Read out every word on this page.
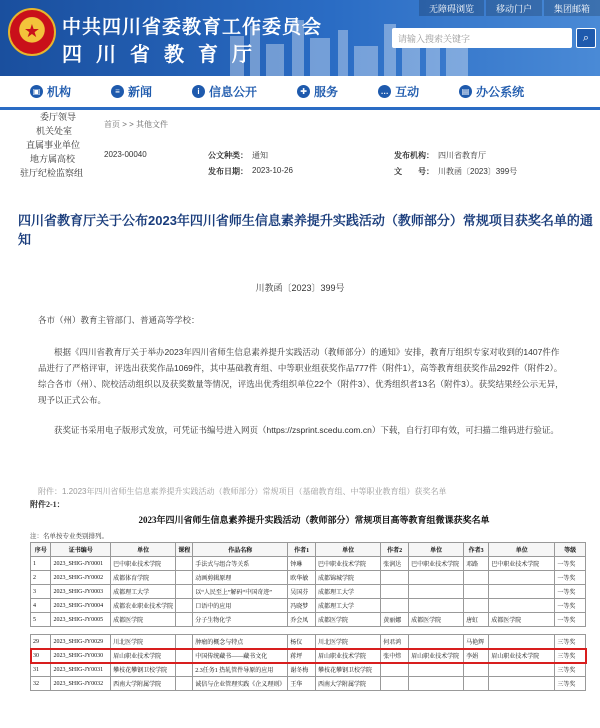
★ 中共四川省委教育工作委员会
四川省教育厅
无障碍浏览	移动门户	集团邮箱
请输入搜索关键字	⌕
▣ 机构	≡ 新闻	i 信息公开	✚ 服务	… 互动	▤ 办公系统
委厅领导
机关处室
直属事业单位
地方属高校
驻厅纪检监察组
首页 > > 其他文件
2023-00040	公文种类： 通知	发布机构： 四川省教育厅
发布日期： 2023-10-26	文　　号： 川教函〔2023〕399号
四川省教育厅关于公布2023年四川省师生信息素养提升实践活动（教师部分）常规项目获奖名单的通知
川教函〔2023〕399号
各市（州）教育主管部门、普通高等学校：
根据《四川省教育厅关于举办2023年四川省师生信息素养提升实践活动（教师部分）的通知》安排，教育厅组织专家对收到的1407件作品进行了严格评审，评选出获奖作品1069件，其中基础教育组、中等职业组获奖作品777件（附件1），高等教育组获奖作品292件（附件2）。综合各市（州）、院校活动组织以及获奖数量等情况，评选出优秀组织单位22个（附件3）、优秀组织者13名（附件3）。获奖结果经公示无异，现予以正式公布。
获奖证书采用电子版形式发放，可凭证书编号进入网页（https://zsprint.scedu.com.cn）下载，自行打印有效，可扫描二维码进行验证。
附件：1.2023年四川省师生信息素养提升实践活动（教师部分）常规项目（基础教育组、中等职业教育组）获奖名单
附件2-1：
2023年四川省师生信息素养提升实践活动（教师部分）常规项目高等教育组微课获奖名单
注：名单按专业类别排列。
序号	证书编号	单位	课程	作品名称	作者1	单位	作者2	单位	作者3	单位	等级
1	2023_SHIG-JY0001	巴中职业技术学院		手法式与组合等关系	钟琳	巴中职业技术学院	张润达	巴中职业技术学院	邓路	巴中职业技术学院	一等奖
2	2023_SHIG-JY0002	成都体育学院		动画剪辑原理	欧华敏	成都锦城学院					一等奖
3	2023_SHIG-JY0003	成都理工大学		以“人民至上”解码“中国奇迹”	吴国芬	成都理工大学					一等奖
4	2023_SHIG-JY0004	成都农业职业技术学院		口语中的应用	冯晓梦	成都理工大学					一等奖
5	2023_SHIG-JY0005	成都医学院		分子生物化学	乔会凤	成都医学院	黄丽娜	成都医学院	唐虹	成都医学院	一等奖

29	2023_SHIG-JY0029	川北医学院		肿瘤的概念与特点	杨仪	川北医学院	何君鸿		马艳辉		三等奖
30	2023_SHIG-JY0030	眉山职业技术学院		中国传统藏书——藏书文化	蒋坪	眉山职业技术学院	张中炜	眉山职业技术学院	李娟	眉山职业技术学院	三等奖
31	2023_SHIG-JY0031	攀枝花攀钢卫校学院		2.3任务1 热轧管件导原的应用	谢冬梅	攀枝花攀钢卫校学院					三等奖
32	2023_SHIG-JY0032	西南大学附属学院		诚信与企业管理实践《企义理则》	王华	西南大学附属学院					三等奖
